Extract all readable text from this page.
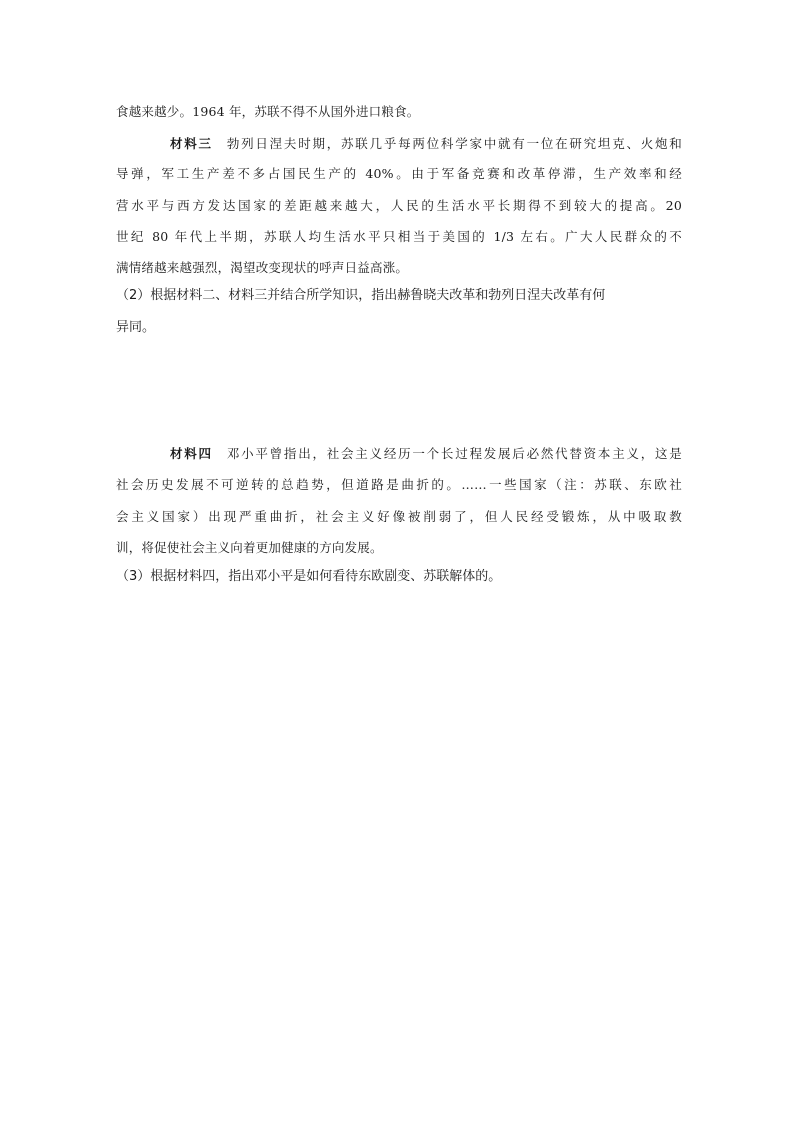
食越来越少。1964 年，苏联不得不从国外进口粮食。
材料三 勃列日涅夫时期，苏联几乎每两位科学家中就有一位在研究坦克、火炮和
导弹，军工生产差不多占国民生产的 40%。由于军备竞赛和改革停滞，生产效率和经
营水平与西方发达国家的差距越来越大，人民的生活水平长期得不到较大的提高。20
世纪 80 年代上半期，苏联人均生活水平只相当于美国的 1/3 左右。广大人民群众的不
满情绪越来越强烈，渴望改变现状的呼声日益高涨。
（2）根据材料二、材料三并结合所学知识，指出赫鲁晓夫改革和勃列日涅夫改革有何
异同。
材料四 邓小平曾指出，社会主义经历一个长过程发展后必然代替资本主义，这是
社会历史发展不可逆转的总趋势，但道路是曲折的。……一些国家（注：苏联、东欧社
会主义国家）出现严重曲折，社会主义好像被削弱了，但人民经受锻炼，从中吸取教
训，将促使社会主义向着更加健康的方向发展。
（3）根据材料四，指出邓小平是如何看待东欧剧变、苏联解体的。
